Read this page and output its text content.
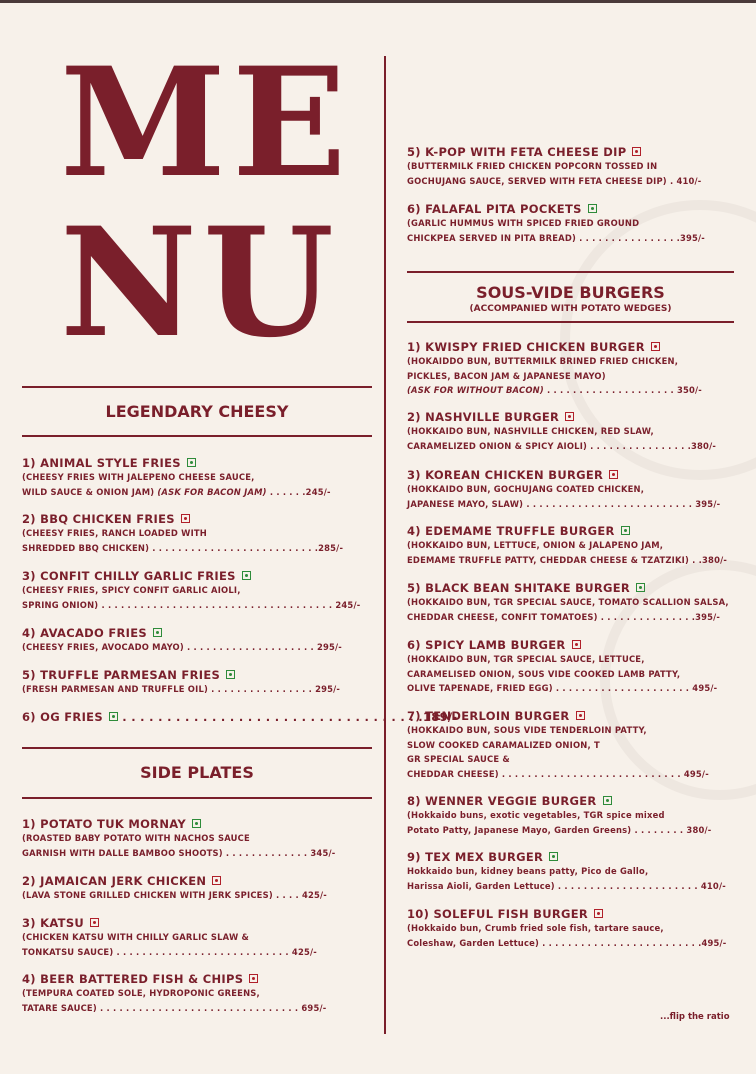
ME
NU
LEGENDARY CHEESY
1) ANIMAL STYLE FRIES
(CHEESY FRIES WITH JALEPENO CHEESE SAUCE,
WILD SAUCE & ONION JAM) (ASK FOR BACON JAM) . . . . . .245/-
2) BBQ CHICKEN FRIES
(CHEESY FRIES, RANCH LOADED WITH
SHREDDED BBQ CHICKEN) . . . . . . . . . . . . . . . . . . . . . . . . . .285/-
3) CONFIT CHILLY GARLIC FRIES
(CHEESY FRIES, SPICY CONFIT GARLIC AIOLI,
SPRING ONION) . . . . . . . . . . . . . . . . . . . . . . . . . . . . . . . . . . . . 245/-
4) AVACADO FRIES
(CHEESY FRIES, AVOCADO MAYO) . . . . . . . . . . . . . . . . . . . . 295/-
5) TRUFFLE PARMESAN FRIES
(FRESH PARMESAN AND TRUFFLE OIL) . . . . . . . . . . . . . . . . 295/-
6) OG FRIES . . . . . . . . . . . . . . . . . . . . . . . . . . . . . . . . . .189/-
SIDE PLATES
1) POTATO TUK MORNAY
(ROASTED BABY POTATO WITH NACHOS SAUCE
GARNISH WITH DALLE BAMBOO SHOOTS) . . . . . . . . . . . . . 345/-
2) JAMAICAN JERK CHICKEN
(LAVA STONE GRILLED CHICKEN WITH JERK SPICES) . . . . 425/-
3) KATSU
(CHICKEN KATSU WITH CHILLY GARLIC SLAW &
TONKATSU SAUCE) . . . . . . . . . . . . . . . . . . . . . . . . . . . 425/-
4) BEER BATTERED FISH & CHIPS
(TEMPURA COATED SOLE, HYDROPONIC GREENS,
TATARE SAUCE) . . . . . . . . . . . . . . . . . . . . . . . . . . . . . . . 695/-
5) K-POP WITH FETA CHEESE DIP
(BUTTERMILK FRIED CHICKEN POPCORN TOSSED IN
GOCHUJANG SAUCE, SERVED WITH FETA CHEESE DIP) . 410/-
6) FALAFAL PITA POCKETS
(GARLIC HUMMUS WITH SPICED FRIED GROUND
CHICKPEA SERVED IN PITA BREAD) . . . . . . . . . . . . . . . .395/-
SOUS-VIDE BURGERS
(ACCOMPANIED WITH POTATO WEDGES)
1) KWISPY FRIED CHICKEN BURGER
(HOKAIDDO BUN, BUTTERMILK BRINED FRIED CHICKEN,
PICKLES, BACON JAM & JAPANESE MAYO)
(ASK FOR WITHOUT BACON) . . . . . . . . . . . . . . . . . . . . 350/-
2) NASHVILLE BURGER
(HOKKAIDO BUN, NASHVILLE CHICKEN, RED SLAW,
CARAMELIZED ONION & SPICY AIOLI) . . . . . . . . . . . . . . . .380/-
3) KOREAN CHICKEN BURGER
(HOKKAIDO BUN, GOCHUJANG COATED CHICKEN,
JAPANESE MAYO, SLAW) . . . . . . . . . . . . . . . . . . . . . . . . . . 395/-
4) EDEMAME TRUFFLE BURGER
(HOKKAIDO BUN, LETTUCE, ONION & JALAPENO JAM,
EDEMAME TRUFFLE PATTY, CHEDDAR CHEESE & TZATZIKI) . .380/-
5) BLACK BEAN SHITAKE BURGER
(HOKKAIDO BUN, TGR SPECIAL SAUCE, TOMATO SCALLION SALSA,
CHEDDAR CHEESE, CONFIT TOMATOES) . . . . . . . . . . . . . . .395/-
6) SPICY LAMB BURGER
(HOKKAIDO BUN, TGR SPECIAL SAUCE, LETTUCE,
CARAMELISED ONION, SOUS VIDE COOKED LAMB PATTY,
OLIVE TAPENADE, FRIED EGG) . . . . . . . . . . . . . . . . . . . . . 495/-
7) TENDERLOIN BURGER
(HOKKAIDO BUN, SOUS VIDE TENDERLOIN PATTY,
SLOW COOKED CARAMALIZED ONION, T
GR SPECIAL SAUCE &
CHEDDAR CHEESE) . . . . . . . . . . . . . . . . . . . . . . . . . . . . 495/-
8) WENNER VEGGIE BURGER
(Hokkaido buns, exotic vegetables, TGR spice mixed
Potato Patty, Japanese Mayo, Garden Greens) . . . . . . . . 380/-
9) TEX MEX BURGER
Hokkaido bun, kidney beans patty, Pico de Gallo,
Harissa Aioli, Garden Lettuce) . . . . . . . . . . . . . . . . . . . . . . 410/-
10) SOLEFUL FISH BURGER
(Hokkaido bun, Crumb fried sole fish, tartare sauce,
Coleshaw, Garden Lettuce) . . . . . . . . . . . . . . . . . . . . . . . . .495/-
...flip the ratio
